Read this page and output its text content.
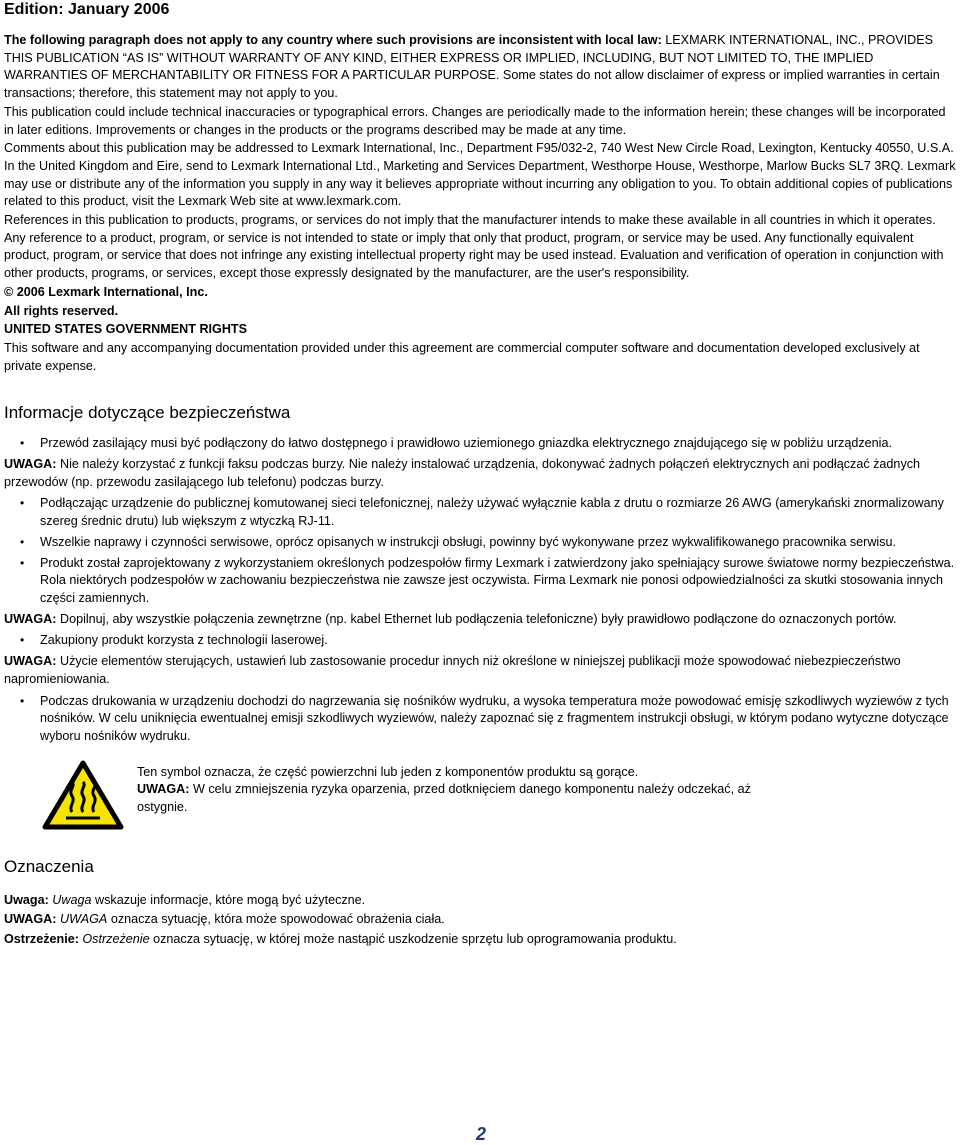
Edition: January 2006

The following paragraph does not apply to any country where such provisions are inconsistent with local law: LEXMARK INTERNATIONAL, INC., PROVIDES THIS PUBLICATION “AS IS” WITHOUT WARRANTY OF ANY KIND, EITHER EXPRESS OR IMPLIED, INCLUDING, BUT NOT LIMITED TO, THE IMPLIED WARRANTIES OF MERCHANTABILITY OR FITNESS FOR A PARTICULAR PURPOSE. Some states do not allow disclaimer of express or implied warranties in certain transactions; therefore, this statement may not apply to you.

This publication could include technical inaccuracies or typographical errors. Changes are periodically made to the information herein; these changes will be incorporated in later editions. Improvements or changes in the products or the programs described may be made at any time.

Comments about this publication may be addressed to Lexmark International, Inc., Department F95/032-2, 740 West New Circle Road, Lexington, Kentucky 40550, U.S.A. In the United Kingdom and Eire, send to Lexmark International Ltd., Marketing and Services Department, Westhorpe House, Westhorpe, Marlow Bucks SL7 3RQ. Lexmark may use or distribute any of the information you supply in any way it believes appropriate without incurring any obligation to you. To obtain additional copies of publications related to this product, visit the Lexmark Web site at www.lexmark.com.

References in this publication to products, programs, or services do not imply that the manufacturer intends to make these available in all countries in which it operates. Any reference to a product, program, or service is not intended to state or imply that only that product, program, or service may be used. Any functionally equivalent product, program, or service that does not infringe any existing intellectual property right may be used instead. Evaluation and verification of operation in conjunction with other products, programs, or services, except those expressly designated by the manufacturer, are the user's responsibility.

© 2006 Lexmark International, Inc.

All rights reserved.

UNITED STATES GOVERNMENT RIGHTS

This software and any accompanying documentation provided under this agreement are commercial computer software and documentation developed exclusively at private expense.

Informacje dotyczące bezpieczeństwa
• Przewód zasilający musi być podłączony do łatwo dostępnego i prawidłowo uziemionego gniazdka elektrycznego znajdującego się w pobliżu urządzenia.
UWAGA: Nie należy korzystać z funkcji faksu podczas burzy. Nie należy instalować urządzenia, dokonywać żadnych połączeń elektrycznych ani podłączać żadnych przewodów (np. przewodu zasilającego lub telefonu) podczas burzy.
• Podłączając urządzenie do publicznej komutowanej sieci telefonicznej, należy używać wyłącznie kabla z drutu o rozmiarze 26 AWG (amerykański znormalizowany szereg średnic drutu) lub większym z wtyczką RJ-11.
• Wszelkie naprawy i czynności serwisowe, oprócz opisanych w instrukcji obsługi, powinny być wykonywane przez wykwalifikowanego pracownika serwisu.
• Produkt został zaprojektowany z wykorzystaniem określonych podzespołów firmy Lexmark i zatwierdzony jako spełniający surowe światowe normy bezpieczeństwa. Rola niektórych podzespołów w zachowaniu bezpieczeństwa nie zawsze jest oczywista. Firma Lexmark nie ponosi odpowiedzialności za skutki stosowania innych części zamiennych.
UWAGA: Dopilnuj, aby wszystkie połączenia zewnętrzne (np. kabel Ethernet lub podłączenia telefoniczne) były prawidłowo podłączone do oznaczonych portów.
• Zakupiony produkt korzysta z technologii laserowej.
UWAGA: Użycie elementów sterujących, ustawień lub zastosowanie procedur innych niż określone w niniejszej publikacji może spowodować niebezpieczeństwo napromieniowania.
• Podczas drukowania w urządzeniu dochodzi do nagrzewania się nośników wydruku, a wysoka temperatura może powodować emisję szkodliwych wyziewów z tych nośników. W celu uniknięcia ewentualnej emisji szkodliwych wyziewów, należy zapoznać się z fragmentem instrukcji obsługi, w którym podano wytyczne dotyczące wyboru nośników wydruku.
Ten symbol oznacza, że część powierzchni lub jeden z komponentów produktu są gorące.
UWAGA: W celu zmniejszenia ryzyka oparzenia, przed dotknięciem danego komponentu należy odczekać, aż ostygnie.
Oznaczenia

Uwaga: Uwaga wskazuje informacje, które mogą być użyteczne.

UWAGA: UWAGA oznacza sytuację, która może spowodować obrażenia ciała.

Ostrzeżenie: Ostrzeżenie oznacza sytuację, w której może nastąpić uszkodzenie sprzętu lub oprogramowania produktu.

2
